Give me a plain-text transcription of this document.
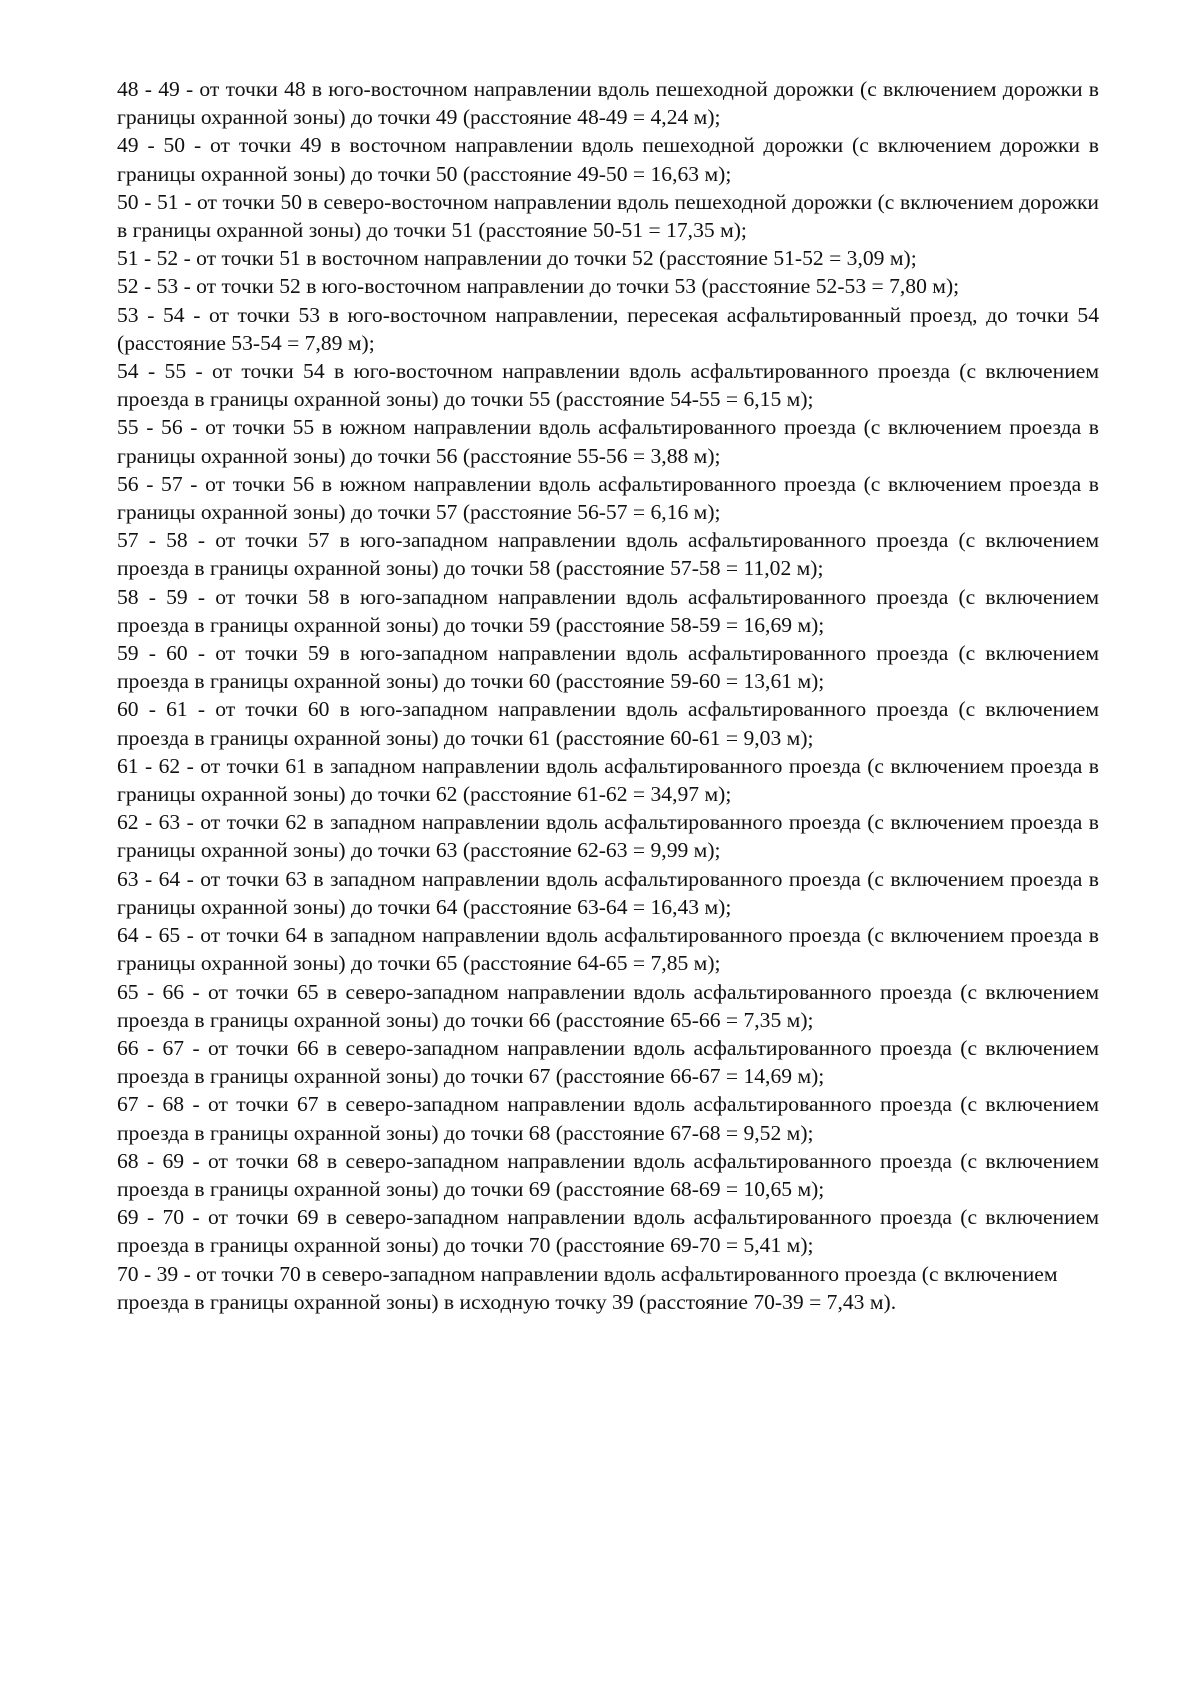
48 - 49 - от точки 48 в юго-восточном направлении вдоль пешеходной дорожки (с включением дорожки в границы охранной зоны) до точки 49 (расстояние 48-49 = 4,24 м);

49 - 50 - от точки 49 в восточном направлении вдоль пешеходной дорожки (с включением дорожки в границы охранной зоны) до точки 50 (расстояние 49-50 = 16,63 м);

50 - 51 - от точки 50 в северо-восточном направлении вдоль пешеходной дорожки (с включением дорожки в границы охранной зоны) до точки 51 (расстояние 50-51 = 17,35 м);

51 - 52 - от точки 51 в восточном направлении до точки 52 (расстояние 51-52 = 3,09 м);

52 - 53 - от точки 52 в юго-восточном направлении до точки 53 (расстояние 52-53 = 7,80 м);

53 - 54 - от точки 53 в юго-восточном направлении, пересекая асфальтированный проезд, до точки 54 (расстояние 53-54 = 7,89 м);

54 - 55 - от точки 54 в юго-восточном направлении вдоль асфальтированного проезда (с включением проезда в границы охранной зоны) до точки 55 (расстояние 54-55 = 6,15 м);

55 - 56 - от точки 55 в южном направлении вдоль асфальтированного проезда (с включением проезда в границы охранной зоны) до точки 56 (расстояние 55-56 = 3,88 м);

56 - 57 - от точки 56 в южном направлении вдоль асфальтированного проезда (с включением проезда в границы охранной зоны) до точки 57 (расстояние 56-57 = 6,16 м);

57 - 58 - от точки 57 в юго-западном направлении вдоль асфальтированного проезда (с включением проезда в границы охранной зоны) до точки 58 (расстояние 57-58 = 11,02 м);

58 - 59 - от точки 58 в юго-западном направлении вдоль асфальтированного проезда (с включением проезда в границы охранной зоны) до точки 59 (расстояние 58-59 = 16,69 м);

59 - 60 - от точки 59 в юго-западном направлении вдоль асфальтированного проезда (с включением проезда в границы охранной зоны) до точки 60 (расстояние 59-60 = 13,61 м);

60 - 61 - от точки 60 в юго-западном направлении вдоль асфальтированного проезда (с включением проезда в границы охранной зоны) до точки 61 (расстояние 60-61 = 9,03 м);

61 - 62 - от точки 61 в западном направлении вдоль асфальтированного проезда (с включением проезда в границы охранной зоны) до точки 62 (расстояние 61-62 = 34,97 м);

62 - 63 - от точки 62 в западном направлении вдоль асфальтированного проезда (с включением проезда в границы охранной зоны) до точки 63 (расстояние 62-63 = 9,99 м);

63 - 64 - от точки 63 в западном направлении вдоль асфальтированного проезда (с включением проезда в границы охранной зоны) до точки 64 (расстояние 63-64 = 16,43 м);

64 - 65 - от точки 64 в западном направлении вдоль асфальтированного проезда (с включением проезда в границы охранной зоны) до точки 65 (расстояние 64-65 = 7,85 м);

65 - 66 - от точки 65 в северо-западном направлении вдоль асфальтированного проезда (с включением проезда в границы охранной зоны) до точки 66 (расстояние 65-66 = 7,35 м);

66 - 67 - от точки 66 в северо-западном направлении вдоль асфальтированного проезда (с включением проезда в границы охранной зоны) до точки 67 (расстояние 66-67 = 14,69 м);

67 - 68 - от точки 67 в северо-западном направлении вдоль асфальтированного проезда (с включением проезда в границы охранной зоны) до точки 68 (расстояние 67-68 = 9,52 м);

68 - 69 - от точки 68 в северо-западном направлении вдоль асфальтированного проезда (с включением проезда в границы охранной зоны) до точки 69 (расстояние 68-69 = 10,65 м);

69 - 70 - от точки 69 в северо-западном направлении вдоль асфальтированного проезда (с включением проезда в границы охранной зоны) до точки 70 (расстояние 69-70 = 5,41 м);

70 - 39 - от точки 70 в северо-западном направлении вдоль асфальтированного проезда (с включением проезда в границы охранной зоны) в исходную точку 39 (расстояние 70-39 = 7,43 м).
